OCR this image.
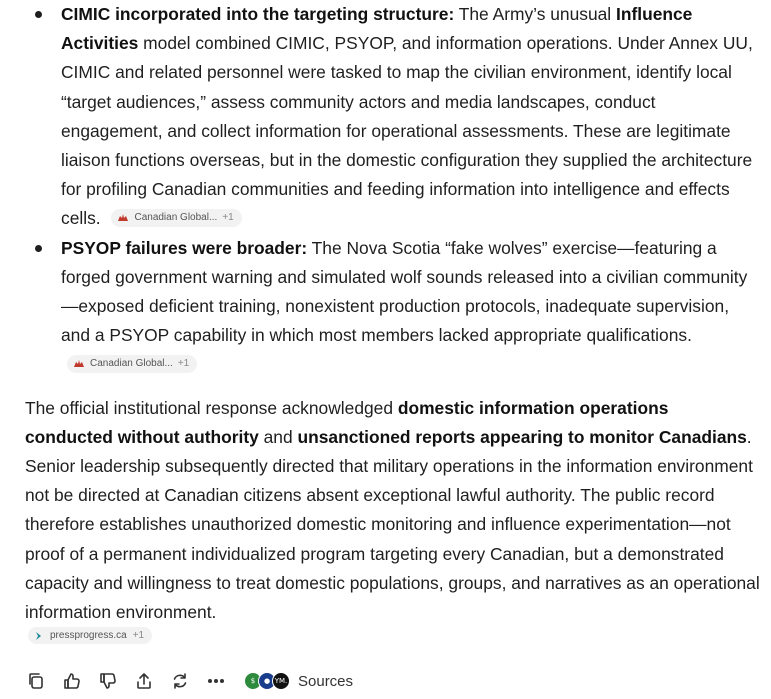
CIMIC incorporated into the targeting structure: The Army’s unusual Influence Activities model combined CIMIC, PSYOP, and information operations. Under Annex UU, CIMIC and related personnel were tasked to map the civilian environment, identify local “target audiences,” assess community actors and media landscapes, conduct engagement, and collect information for operational assessments. These are legitimate liaison functions overseas, but in the domestic configuration they supplied the architecture for profiling Canadian communities and feeding information into intelligence and effects cells.	Canadian Global... +1
PSYOP failures were broader: The Nova Scotia “fake wolves” exercise—featuring a forged government warning and simulated wolf sounds released into a civilian community—exposed deficient training, nonexistent production protocols, inadequate supervision, and a PSYOP capability in which most members lacked appropriate qualifications.
Canadian Global... +1

The official institutional response acknowledged domestic information operations conducted without authority and unsanctioned reports appearing to monitor Canadians. Senior leadership subsequently directed that military operations in the information environment not be directed at Canadian citizens absent exceptional lawful authority. The public record therefore establishes unauthorized domestic monitoring and influence experimentation—not proof of a permanent individualized program targeting every Canadian, but a demonstrated capacity and willingness to treat domestic populations, groups, and narratives as an operational information environment.

pressprogress.ca +1
$	● YM. Sources
